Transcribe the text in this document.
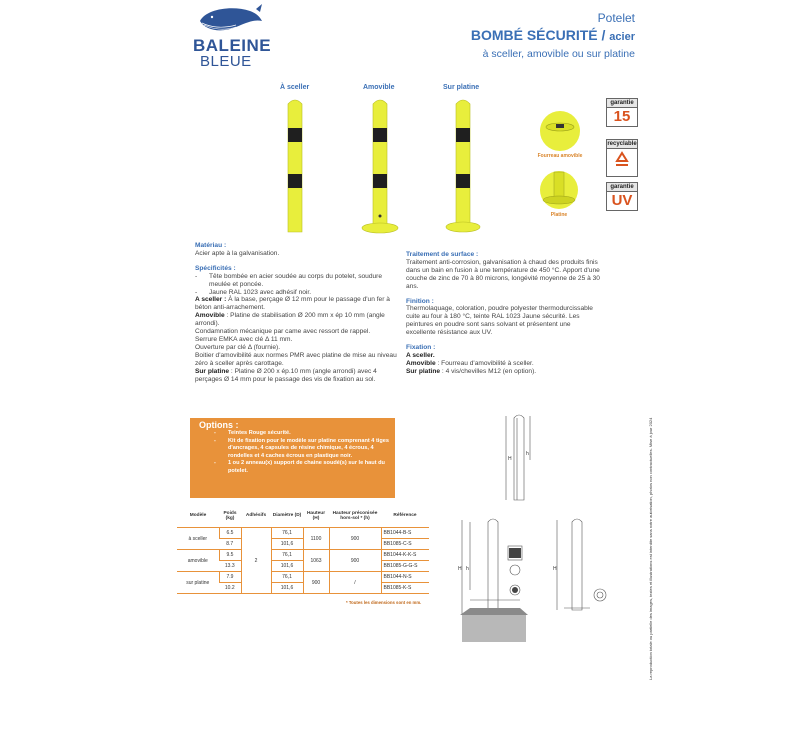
BALEINE
BLEUE
Potelet
BOMBÉ SÉCURITÉ / acier
à sceller, amovible ou sur platine
À sceller	Amovible	Sur platine
Fourreau amovible
Platine
garantie
15
recyclable
garantie
UV
Matériau :
Acier apte à la galvanisation.
Spécificités :
- Tête bombée en acier soudée au corps du potelet, soudure meulée et poncée.
- Jaune RAL 1023 avec adhésif noir.
A sceller : À la base, perçage Ø 12 mm pour le passage d'un fer à béton anti-arrachement.
Amovible : Platine de stabilisation Ø 200 mm x ép 10 mm (angle arrondi).
Condamnation mécanique par came avec ressort de rappel.
Serrure EMKA avec clé Δ 11 mm.
Ouverture par clé Δ (fournie).
Boitier d'amovibilité aux normes PMR avec platine de mise au niveau zéro à sceller après carottage.
Sur platine : Platine Ø 200 x ép.10 mm (angle arrondi) avec 4 perçages Ø 14 mm pour le passage des vis de fixation au sol.
Traitement de surface :
Traitement anti-corrosion, galvanisation à chaud des produits finis dans un bain en fusion à une température de 450 °C. Apport d'une couche de zinc de 70 à 80 microns, longévité moyenne de 25 à 30 ans.
Finition :
Thermolaquage, coloration, poudre polyester thermodurcissable cuite au four à 180 °C, teinte RAL 1023 Jaune sécurité. Les peintures en poudre sont sans solvant et présentent une excellente résistance aux UV.
Fixation :
A sceller.
Amovible : Fourreau d'amovibilité à sceller.
Sur platine : 4 vis/chevilles M12 (en option).
Options :
- Teintes Rouge sécurité.
- Kit de fixation pour le modèle sur platine comprenant 4 tiges d'ancrages, 4 capsules de résine chimique, 4 écrous, 4 rondelles et 4 caches écrous en plastique noir.
- 1 ou 2 anneau(x) support de chaine soudé(s) sur le haut du potelet.
Modèle	Poids (kg)	Adhésifs	Diamètre (D)	Hauteur (H)	Hauteur préconisée hors-sol * (h)	Référence
à sceller	6.5	2	76,1	1100	900	BB1044-B-S
	8.7		101,6			BB1085-C-S
amovible	9.5		76,1	1063	900	BB1044-K-K-S
	13.3		101,6			BB1085-G-G-S
sur platine	7.9		76,1	900	/	BB1044-N-S
	10.2		101,6			BB1085-K-S
* Toutes les dimensions sont en mm.
H
h
H h	H	La reproduction totale ou partielle des images, textes et illustrations est interdite sans notre autorisation, photos non contractuelles. Mise à jour 2024
